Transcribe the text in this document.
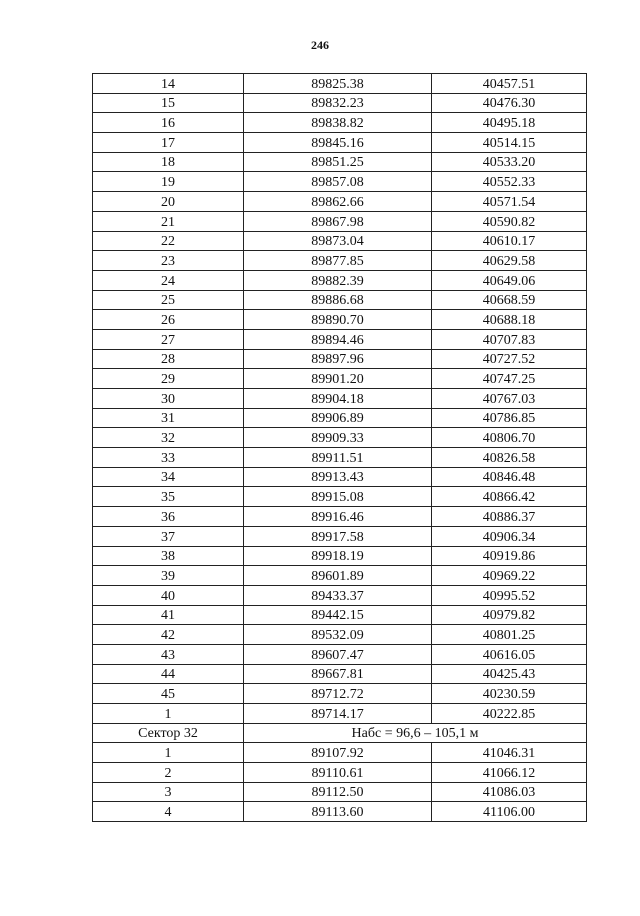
246
14	89825.38	40457.51
15	89832.23	40476.30
16	89838.82	40495.18
17	89845.16	40514.15
18	89851.25	40533.20
19	89857.08	40552.33
20	89862.66	40571.54
21	89867.98	40590.82
22	89873.04	40610.17
23	89877.85	40629.58
24	89882.39	40649.06
25	89886.68	40668.59
26	89890.70	40688.18
27	89894.46	40707.83
28	89897.96	40727.52
29	89901.20	40747.25
30	89904.18	40767.03
31	89906.89	40786.85
32	89909.33	40806.70
33	89911.51	40826.58
34	89913.43	40846.48
35	89915.08	40866.42
36	89916.46	40886.37
37	89917.58	40906.34
38	89918.19	40919.86
39	89601.89	40969.22
40	89433.37	40995.52
41	89442.15	40979.82
42	89532.09	40801.25
43	89607.47	40616.05
44	89667.81	40425.43
45	89712.72	40230.59
1	89714.17	40222.85
Сектор 32	Набс = 96,6 – 105,1 м	
1	89107.92	41046.31
2	89110.61	41066.12
3	89112.50	41086.03
4	89113.60	41106.00
